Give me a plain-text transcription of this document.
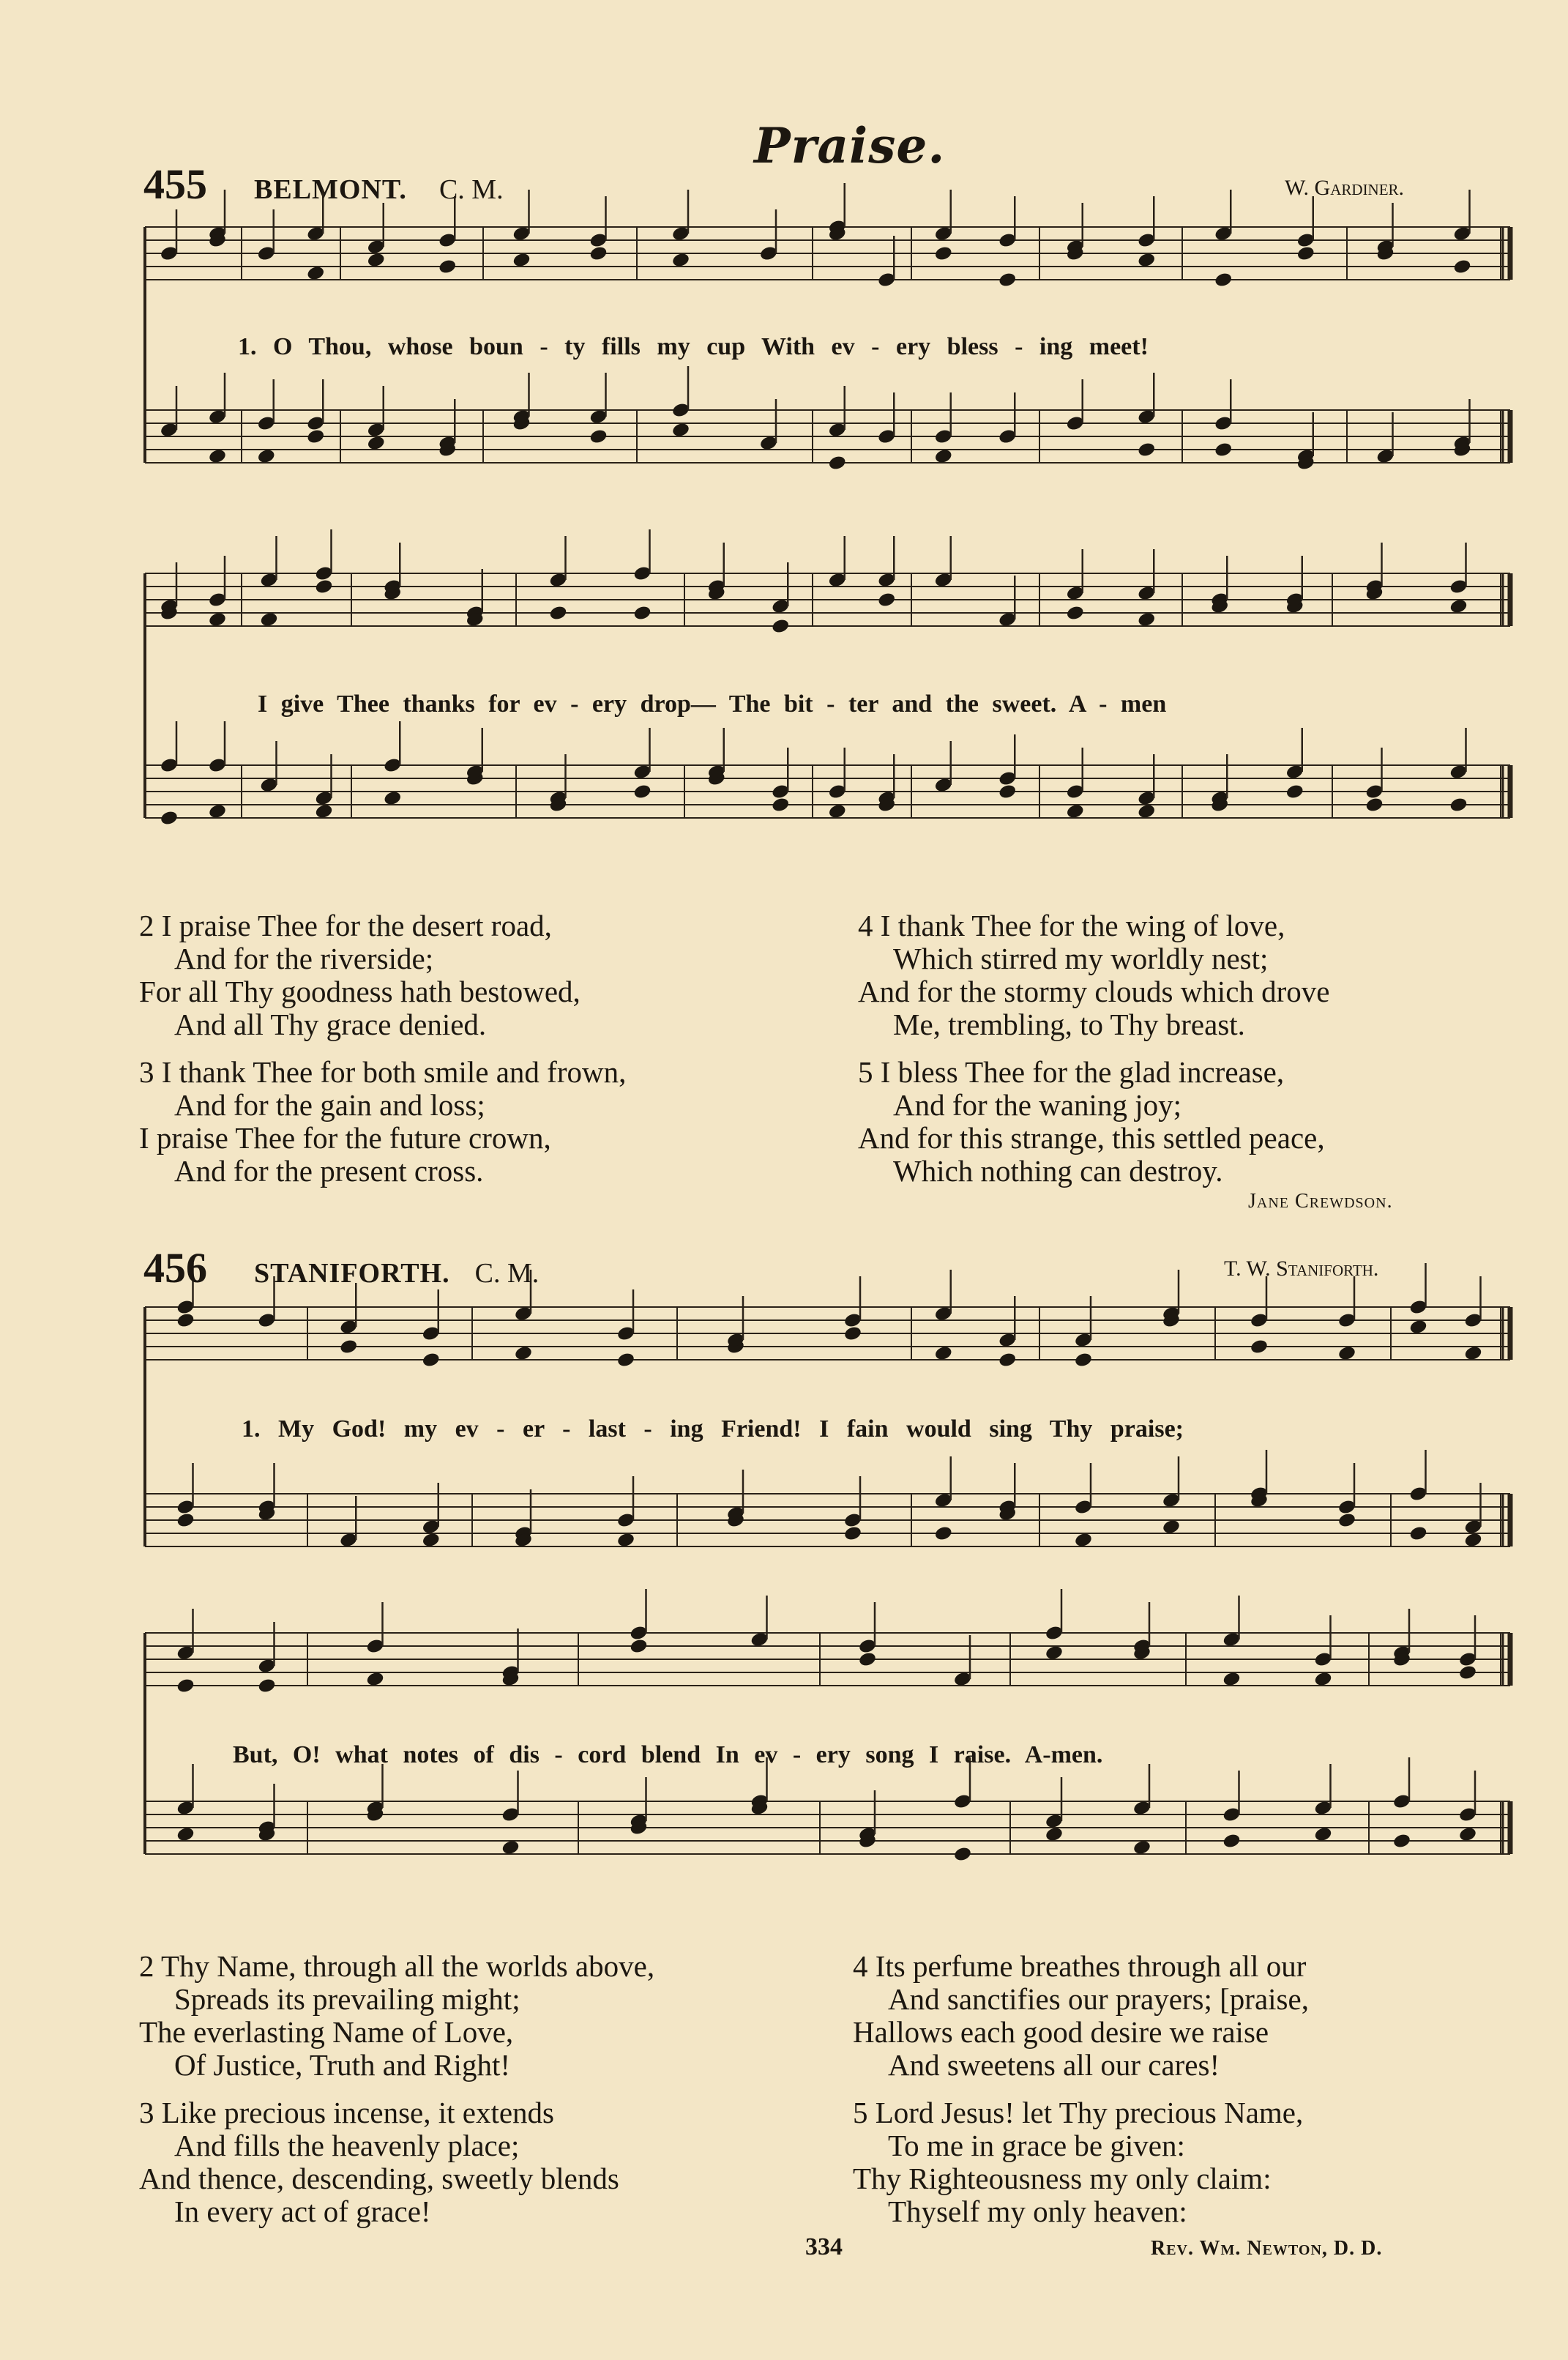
Praise.
455 BELMONT. C. M.	W. Gardiner.
1. O Thou, whose boun - ty fills my cup With ev - ery bless - ing meet!
I give Thee thanks for ev - ery drop— The bit - ter and the sweet. A - men
2 I praise Thee for the desert road,
And for the riverside;
For all Thy goodness hath bestowed,
And all Thy grace denied.
3 I thank Thee for both smile and frown,
And for the gain and loss;
I praise Thee for the future crown,
And for the present cross.
4 I thank Thee for the wing of love,
Which stirred my worldly nest;
And for the stormy clouds which drove
Me, trembling, to Thy breast.
5 I bless Thee for the glad increase,
And for the waning joy;
And for this strange, this settled peace,
Which nothing can destroy.
Jane Crewdson.
456 STANIFORTH. C. M.	T. W. Staniforth.
1. My God! my ev - er - last - ing Friend! I fain would sing Thy praise;
But, O! what notes of dis - cord blend In ev - ery song I raise. A-men.
2 Thy Name, through all the worlds above,
Spreads its prevailing might;
The everlasting Name of Love,
Of Justice, Truth and Right!
3 Like precious incense, it extends
And fills the heavenly place;
And thence, descending, sweetly blends
In every act of grace!
4 Its perfume breathes through all our
And sanctifies our prayers; [praise,
Hallows each good desire we raise
And sweetens all our cares!
5 Lord Jesus! let Thy precious Name,
To me in grace be given:
Thy Righteousness my only claim:
Thyself my only heaven:
334	Rev. Wm. Newton, D. D.
